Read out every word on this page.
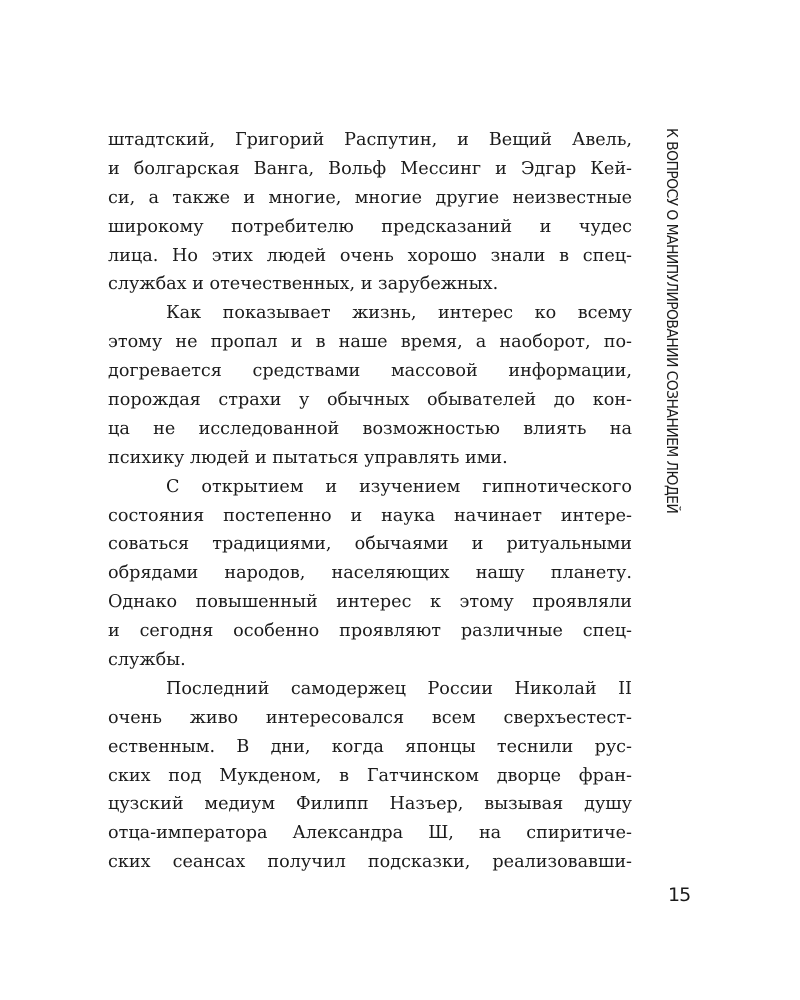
штадтский, Григорий Распутин, и Вещий Авель,
и болгарская Ванга, Вольф Мессинг и Эдгар Кей-
си, а также и многие, многие другие неизвестные
широкому потребителю предсказаний и чудес
лица. Но этих людей очень хорошо знали в спец-
службах и отечественных, и зарубежных.
Как показывает жизнь, интерес ко всему
этому не пропал и в наше время, а наоборот, по-
догревается средствами массовой информации,
порождая страхи у обычных обывателей до кон-
ца не исследованной возможностью влиять на
психику людей и пытаться управлять ими.
С открытием и изучением гипнотического
состояния постепенно и наука начинает интере-
соваться традициями, обычаями и ритуальными
обрядами народов, населяющих нашу планету.
Однако повышенный интерес к этому проявляли
и сегодня особенно проявляют различные спец-
службы.
Последний самодержец России Николай II
очень живо интересовался всем сверхъестест-
ественным. В дни, когда японцы теснили рус-
ских под Мукденом, в Гатчинском дворце фран-
цузский медиум Филипп Назъер, вызывая душу
отца-императора Александра Ш, на спиритиче-
ских сеансах получил подсказки, реализовавши-
К ВОПРОСУ О МАНИПУЛИРОВАНИИ СОЗНАНИЕМ ЛЮДЕЙ
15
